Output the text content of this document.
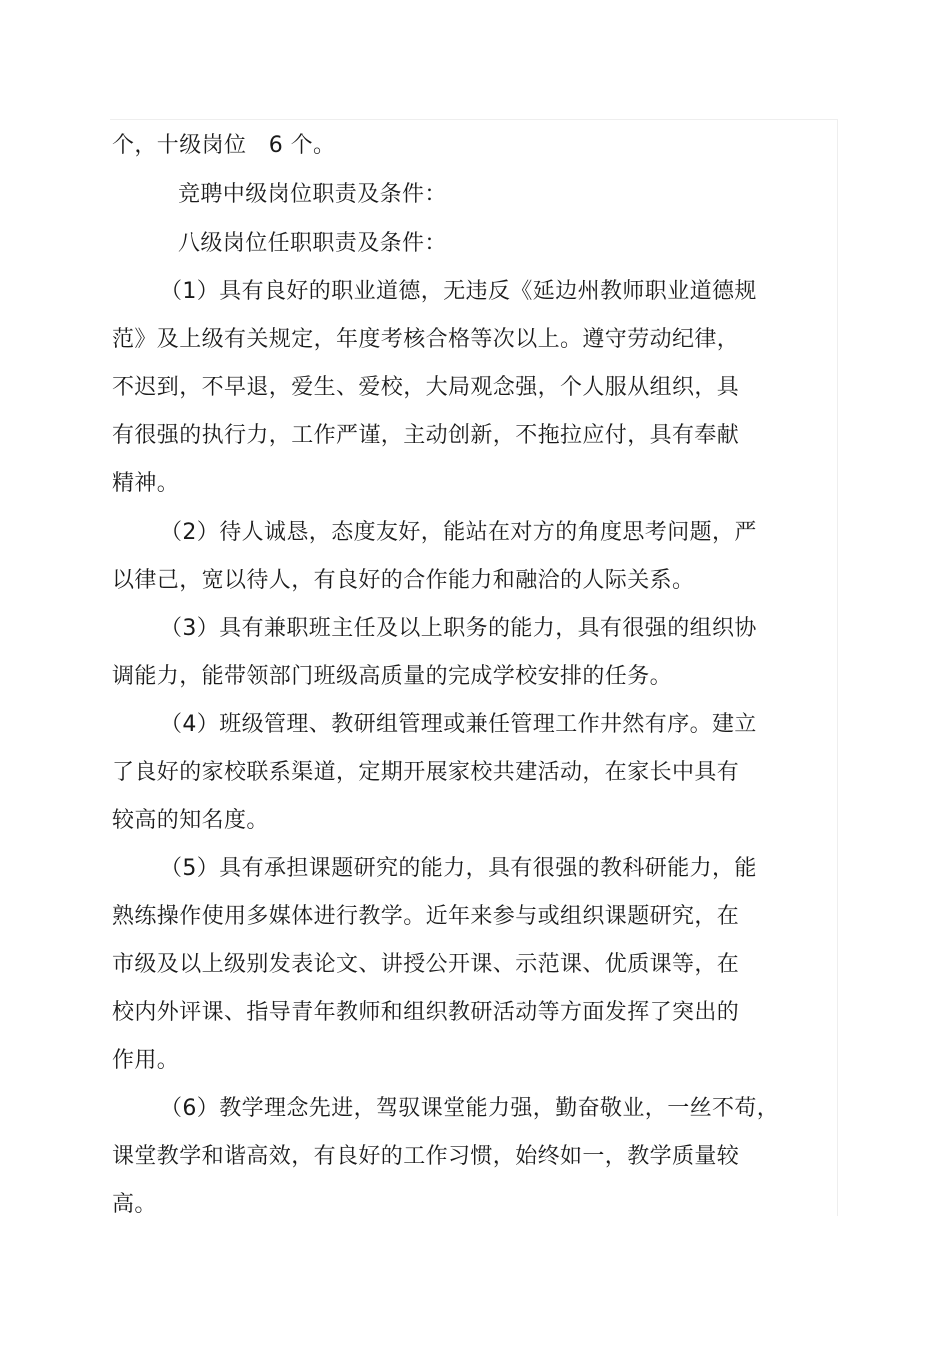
个，十级岗位　6 个。
竞聘中级岗位职责及条件：
八级岗位任职职责及条件：
（1）具有良好的职业道德，无违反《延边州教师职业道德规
范》及上级有关规定，年度考核合格等次以上。遵守劳动纪律，
不迟到，不早退，爱生、爱校，大局观念强，个人服从组织，具
有很强的执行力，工作严谨，主动创新，不拖拉应付，具有奉献
精神。
（2）待人诚恳，态度友好，能站在对方的角度思考问题，严
以律己，宽以待人，有良好的合作能力和融洽的人际关系。
（3）具有兼职班主任及以上职务的能力，具有很强的组织协
调能力，能带领部门班级高质量的完成学校安排的任务。
（4）班级管理、教研组管理或兼任管理工作井然有序。建立
了良好的家校联系渠道，定期开展家校共建活动，在家长中具有
较高的知名度。
（5）具有承担课题研究的能力，具有很强的教科研能力，能
熟练操作使用多媒体进行教学。近年来参与或组织课题研究，在
市级及以上级别发表论文、讲授公开课、示范课、优质课等，在
校内外评课、指导青年教师和组织教研活动等方面发挥了突出的
作用。
（6）教学理念先进，驾驭课堂能力强，勤奋敬业，一丝不苟，
课堂教学和谐高效，有良好的工作习惯，始终如一，教学质量较
高。
